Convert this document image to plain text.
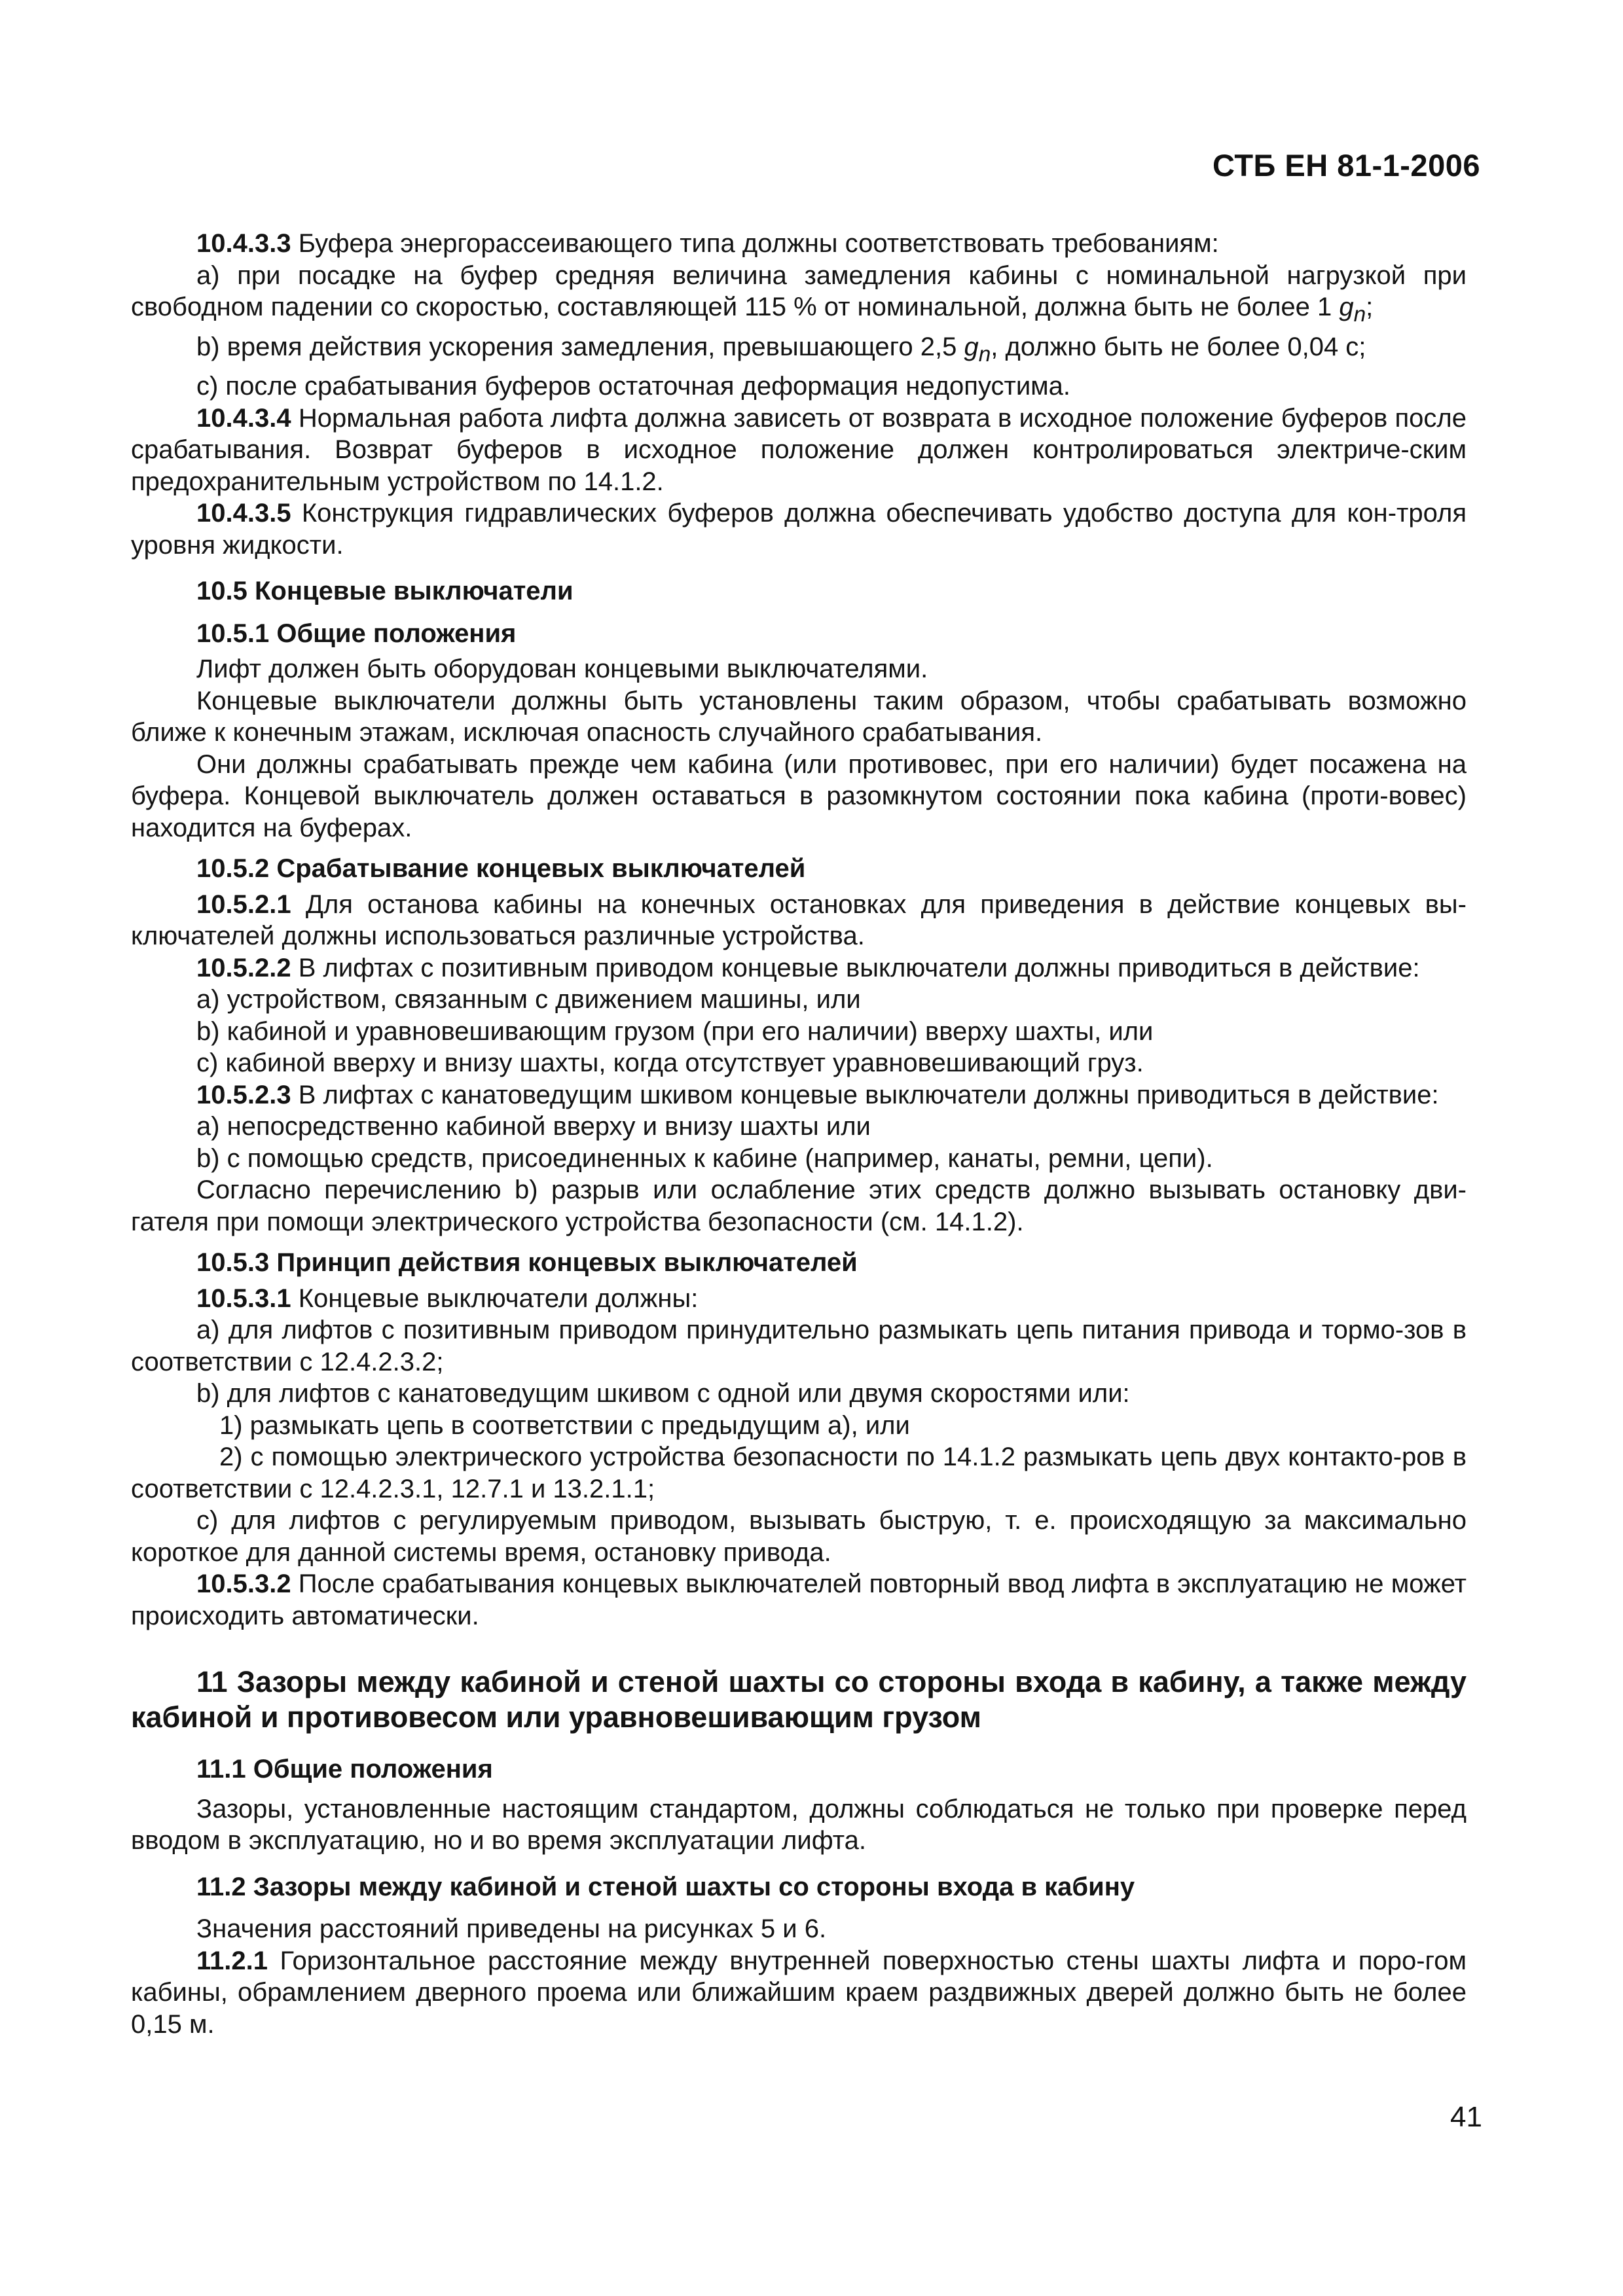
СТБ ЕН 81-1-2006

10.4.3.3 Буфера энергорассеивающего типа должны соответствовать требованиям:

а) при посадке на буфер средняя величина замедления кабины с номинальной нагрузкой при свободном падении со скоростью, составляющей 115 % от номинальной, должна быть не более 1 $g_n$;

b) время действия ускорения замедления, превышающего 2,5 $g_n$, должно быть не более 0,04 с;

с) после срабатывания буферов остаточная деформация недопустима.

10.4.3.4 Нормальная работа лифта должна зависеть от возврата в исходное положение буферов после срабатывания. Возврат буферов в исходное положение должен контролироваться электриче-ским предохранительным устройством по 14.1.2.

10.4.3.5 Конструкция гидравлических буферов должна обеспечивать удобство доступа для кон-троля уровня жидкости.

10.5 Концевые выключатели

10.5.1 Общие положения

Лифт должен быть оборудован концевыми выключателями.

Концевые выключатели должны быть установлены таким образом, чтобы срабатывать возможно ближе к конечным этажам, исключая опасность случайного срабатывания.

Они должны срабатывать прежде чем кабина (или противовес, при его наличии) будет посажена на буфера. Концевой выключатель должен оставаться в разомкнутом состоянии пока кабина (проти-вовес) находится на буферах.

10.5.2 Срабатывание концевых выключателей

10.5.2.1 Для останова кабины на конечных остановках для приведения в действие концевых вы-ключателей должны использоваться различные устройства.

10.5.2.2 В лифтах с позитивным приводом концевые выключатели должны приводиться в действие:

а) устройством, связанным с движением машины, или

b) кабиной и уравновешивающим грузом (при его наличии) вверху шахты, или

с) кабиной вверху и внизу шахты, когда отсутствует уравновешивающий груз.

10.5.2.3 В лифтах с канатоведущим шкивом концевые выключатели должны приводиться в действие:

а) непосредственно кабиной вверху и внизу шахты или

b) с помощью средств, присоединенных к кабине (например, канаты, ремни, цепи).

Согласно перечислению b) разрыв или ослабление этих средств должно вызывать остановку дви-гателя при помощи электрического устройства безопасности (см. 14.1.2).

10.5.3 Принцип действия концевых выключателей

10.5.3.1 Концевые выключатели должны:

а) для лифтов с позитивным приводом принудительно размыкать цепь питания привода и тормо-зов в соответствии с 12.4.2.3.2;

b) для лифтов с канатоведущим шкивом с одной или двумя скоростями или:

1) размыкать цепь в соответствии с предыдущим а), или

2) с помощью электрического устройства безопасности по 14.1.2 размыкать цепь двух контакто-ров в соответствии с 12.4.2.3.1, 12.7.1 и 13.2.1.1;

с) для лифтов с регулируемым приводом, вызывать быструю, т. е. происходящую за максимально короткое для данной системы время, остановку привода.

10.5.3.2 После срабатывания концевых выключателей повторный ввод лифта в эксплуатацию не может происходить автоматически.

11 Зазоры между кабиной и стеной шахты со стороны входа в кабину, а также между кабиной и противовесом или уравновешивающим грузом

11.1 Общие положения

Зазоры, установленные настоящим стандартом, должны соблюдаться не только при проверке перед вводом в эксплуатацию, но и во время эксплуатации лифта.

11.2 Зазоры между кабиной и стеной шахты со стороны входа в кабину

Значения расстояний приведены на рисунках 5 и 6.

11.2.1 Горизонтальное расстояние между внутренней поверхностью стены шахты лифта и поро-гом кабины, обрамлением дверного проема или ближайшим краем раздвижных дверей должно быть не более 0,15 м.

41
